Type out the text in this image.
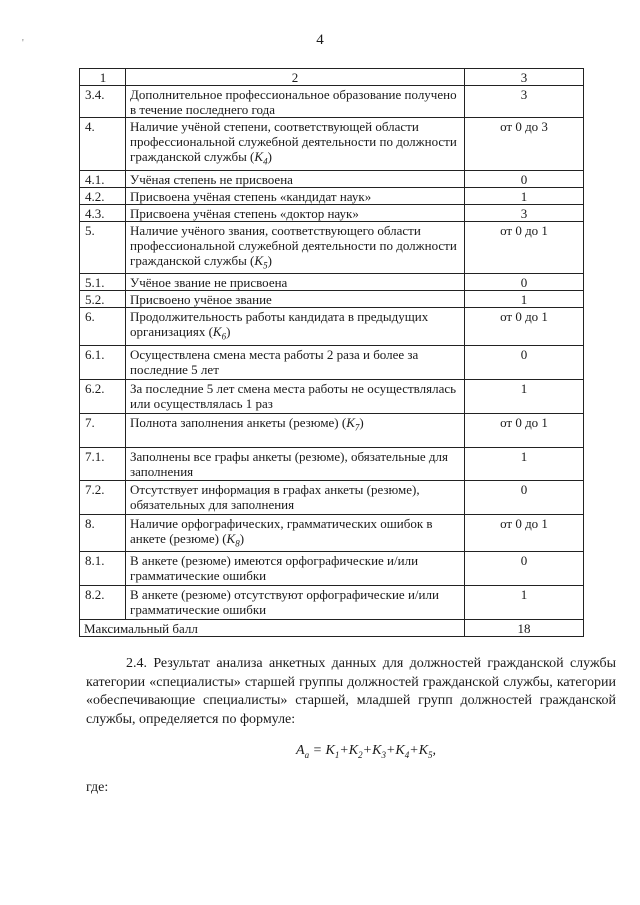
4
'
1	2	3
3.4.	Дополнительное профессиональное образование получено в течение последнего года	3
4.	Наличие учёной степени, соответствующей области профессиональной служебной деятельности по должности гражданской службы $(K_4)$	от 0 до 3
4.1.	Учёная степень не присвоена	0
4.2.	Присвоена учёная степень «кандидат наук»	1
4.3.	Присвоена учёная степень «доктор наук»	3
5.	Наличие учёного звания, соответствующего области профессиональной служебной деятельности по должности гражданской службы $(K_5)$	от 0 до 1
5.1.	Учёное звание не присвоена	0
5.2.	Присвоено учёное звание	1
6.	Продолжительность работы кандидата в предыдущих организациях $(K_6)$	от 0 до 1
6.1.	Осуществлена смена места работы 2 раза и более за последние 5 лет	0
6.2.	За последние 5 лет смена места работы не осуществлялась или осуществлялась 1 раз	1
7.	Полнота заполнения анкеты (резюме) $(K_7)$	от 0 до 1
7.1.	Заполнены все графы анкеты (резюме), обязательные для заполнения	1
7.2.	Отсутствует информация в графах анкеты (резюме), обязательных для заполнения	0
8.	Наличие орфографических, грамматических ошибок в анкете (резюме) $(K_8)$	от 0 до 1
8.1.	В анкете (резюме) имеются орфографические и/или грамматические ошибки	0
8.2.	В анкете (резюме) отсутствуют орфографические и/или грамматические ошибки	1
Максимальный балл		18
2.4. Результат анализа анкетных данных для должностей гражданской службы категории «специалисты» старшей группы должностей гражданской службы, категории «обеспечивающие специалисты» старшей, младшей групп должностей гражданской службы, определяется по формуле:
$A_a = K_1+K_2+K_3+K_4+K_5$,
где:
